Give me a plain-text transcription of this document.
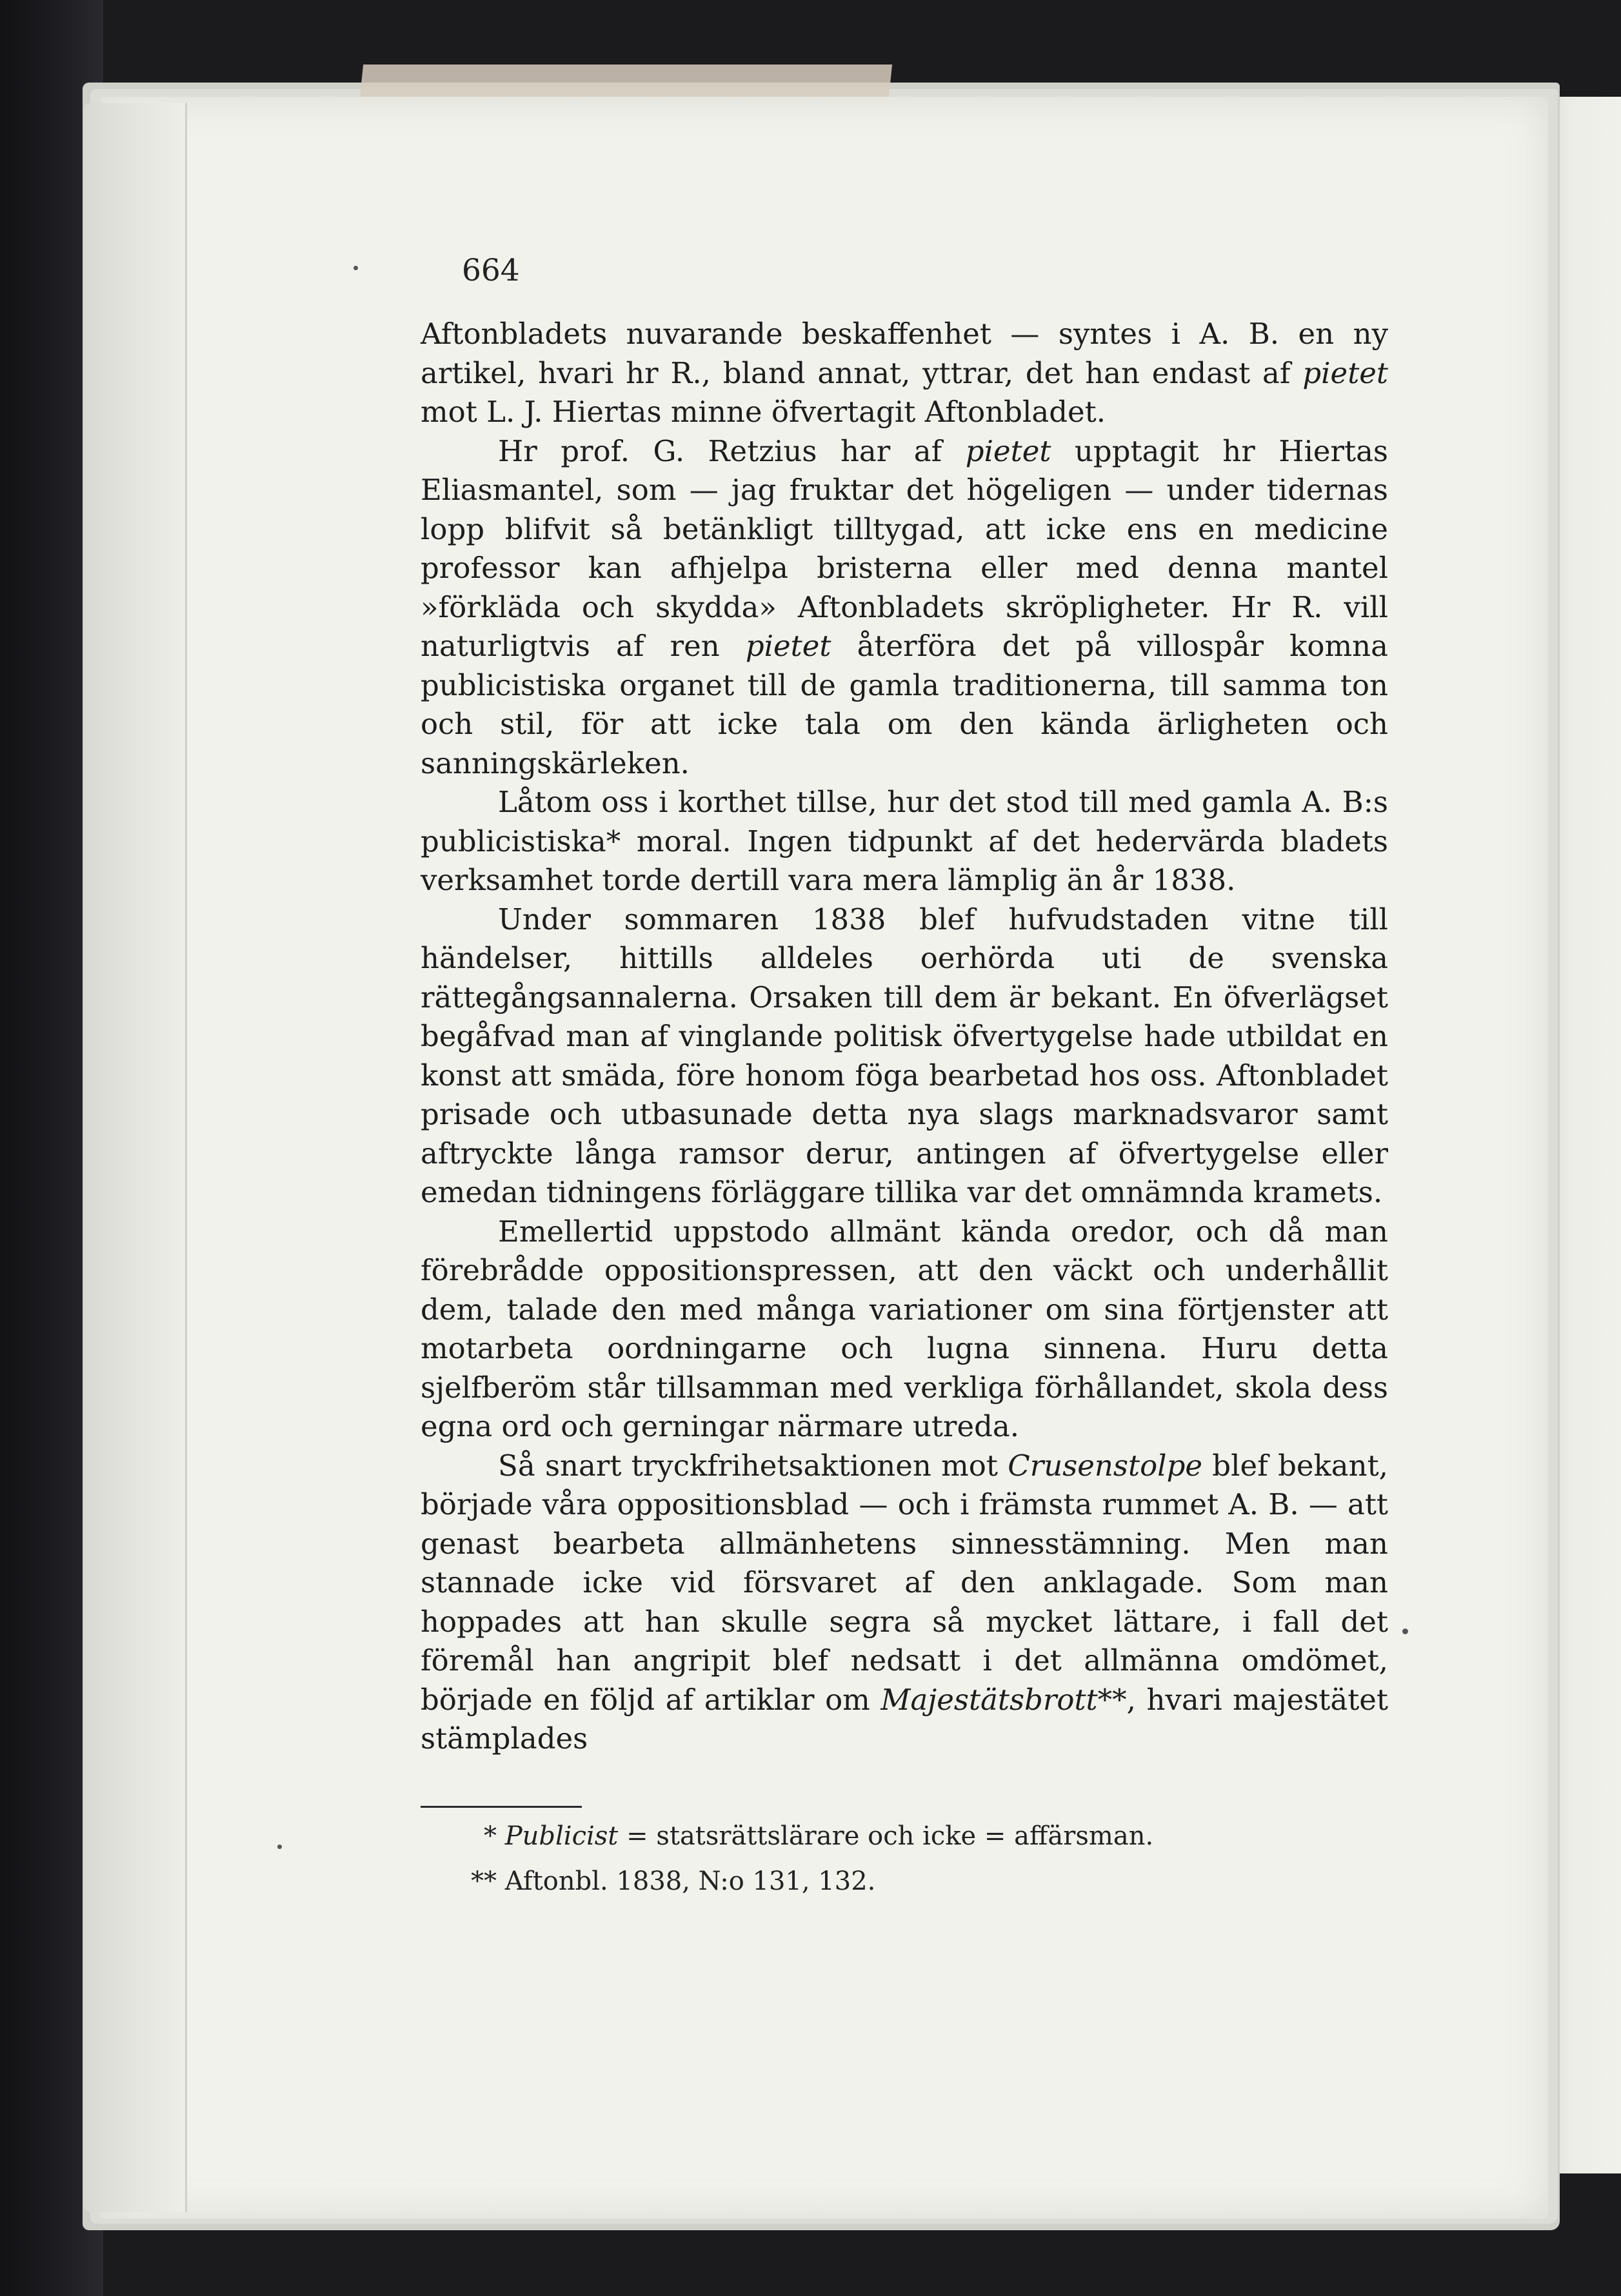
664

Aftonbladets nuvarande beskaffenhet — syntes i A. B. en ny artikel, hvari hr R., bland annat, yttrar, det han endast af pietet mot L. J. Hiertas minne öfvertagit Aftonbladet.

Hr prof. G. Retzius har af pietet upptagit hr Hiertas Eliasmantel, som — jag fruktar det högeligen — under tidernas lopp blifvit så betänkligt tilltygad, att icke ens en medicine professor kan afhjelpa bristerna eller med denna mantel »förkläda och skydda» Aftonbladets skröpligheter. Hr R. vill naturligtvis af ren pietet återföra det på villospår komna publicistiska organet till de gamla traditionerna, till samma ton och stil, för att icke tala om den kända ärligheten och sanningskärleken.

Låtom oss i korthet tillse, hur det stod till med gamla A. B:s publicistiska* moral. Ingen tidpunkt af det hedervärda bladets verksamhet torde dertill vara mera lämplig än år 1838.

Under sommaren 1838 blef hufvudstaden vitne till händelser, hittills alldeles oerhörda uti de svenska rättegångsannalerna. Orsaken till dem är bekant. En öfverlägset begåfvad man af vinglande politisk öfvertygelse hade utbildat en konst att smäda, före honom föga bearbetad hos oss. Aftonbladet prisade och utbasunade detta nya slags marknadsvaror samt aftryckte långa ramsor derur, antingen af öfvertygelse eller emedan tidningens förläggare tillika var det omnämnda kramets.

Emellertid uppstodo allmänt kända oredor, och då man förebrådde oppositionspressen, att den väckt och underhållit dem, talade den med många variationer om sina förtjenster att motarbeta oordningarne och lugna sinnena. Huru detta sjelfberöm står tillsamman med verkliga förhållandet, skola dess egna ord och gerningar närmare utreda.

Så snart tryckfrihetsaktionen mot Crusenstolpe blef bekant, började våra oppositionsblad — och i främsta rummet A. B. — att genast bearbeta allmänhetens sinnesstämning. Men man stannade icke vid försvaret af den anklagade. Som man hoppades att han skulle segra så mycket lättare, i fall det föremål han angripit blef nedsatt i det allmänna omdömet, började en följd af artiklar om Majestätsbrott**, hvari majestätet stämplades

* Publicist = statsrättslärare och icke = affärsman.
** Aftonbl. 1838, N:o 131, 132.
